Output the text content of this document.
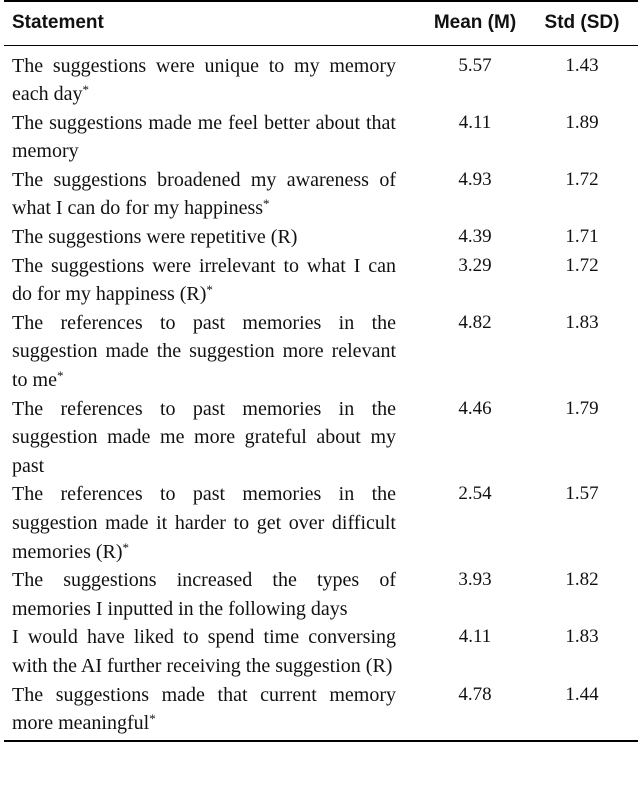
Statement	Mean (M)	Std (SD)
The suggestions were unique to my memory each day*	5.57	1.43
The suggestions made me feel better about that memory	4.11	1.89
The suggestions broadened my awareness of what I can do for my happiness*	4.93	1.72
The suggestions were repetitive (R)	4.39	1.71
The suggestions were irrelevant to what I can do for my happiness (R)*	3.29	1.72
The references to past memories in the suggestion made the suggestion more relevant to me*	4.82	1.83
The references to past memories in the suggestion made me more grateful about my past	4.46	1.79
The references to past memories in the suggestion made it harder to get over difficult memories (R)*	2.54	1.57
The suggestions increased the types of memories I inputted in the following days	3.93	1.82
I would have liked to spend time conversing with the AI further receiving the suggestion (R)	4.11	1.83
The suggestions made that current memory more meaningful*	4.78	1.44
